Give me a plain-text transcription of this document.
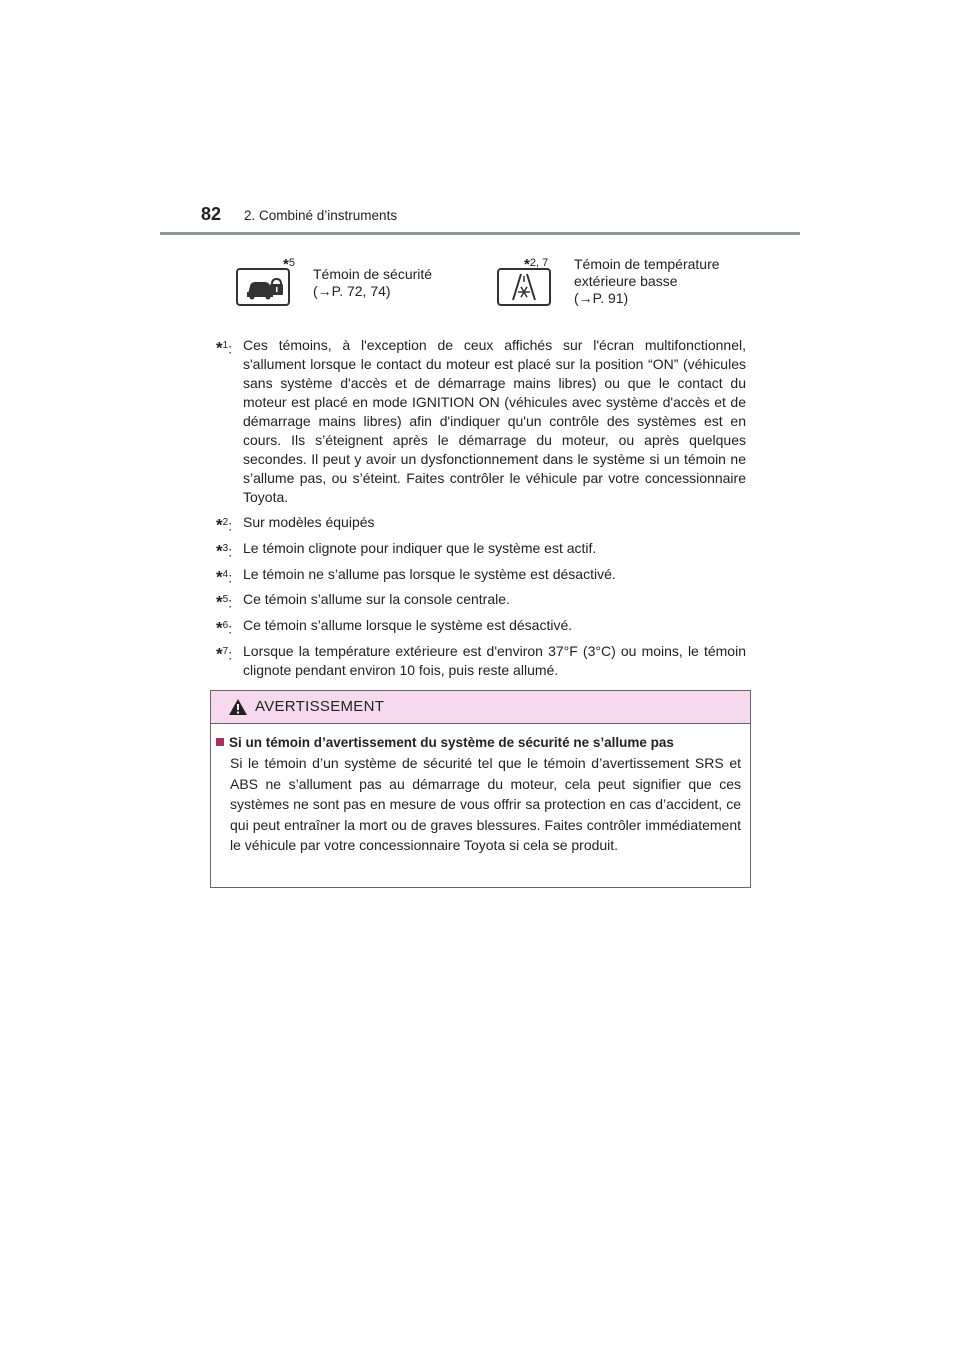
82 2. Combiné d’instruments
*5
Témoin de sécurité
(→P. 72, 74)
*2, 7 Témoin de température
extérieure basse
(→P. 91)
*$^1$: Ces témoins, à l'exception de ceux affichés sur l'écran multifonctionnel, s'allument lorsque le contact du moteur est placé sur la position “ON” (véhicules sans système d'accès et de démarrage mains libres) ou que le contact du moteur est placé en mode IGNITION ON (véhicules avec système d'accès et de démarrage mains libres) afin d'indiquer qu'un contrôle des systèmes est en cours. Ils s’éteignent après le démarrage du moteur, ou après quelques secondes. Il peut y avoir un dysfonctionnement dans le système si un témoin ne s’allume pas, ou s’éteint. Faites contrôler le véhicule par votre concessionnaire Toyota.
*$^2$: Sur modèles équipés
*$^3$: Le témoin clignote pour indiquer que le système est actif.
*$^4$: Le témoin ne s’allume pas lorsque le système est désactivé.
*$^5$: Ce témoin s’allume sur la console centrale.
*$^6$: Ce témoin s’allume lorsque le système est désactivé.
*$^7$: Lorsque la température extérieure est d'environ 37°F (3°C) ou moins, le témoin clignote pendant environ 10 fois, puis reste allumé.
AVERTISSEMENT
Si un témoin d’avertissement du système de sécurité ne s’allume pas
Si le témoin d’un système de sécurité tel que le témoin d’avertissement SRS et ABS ne s’allument pas au démarrage du moteur, cela peut signifier que ces systèmes ne sont pas en mesure de vous offrir sa protection en cas d’accident, ce qui peut entraîner la mort ou de graves blessures. Faites contrôler immédiatement le véhicule par votre concessionnaire Toyota si cela se produit.
